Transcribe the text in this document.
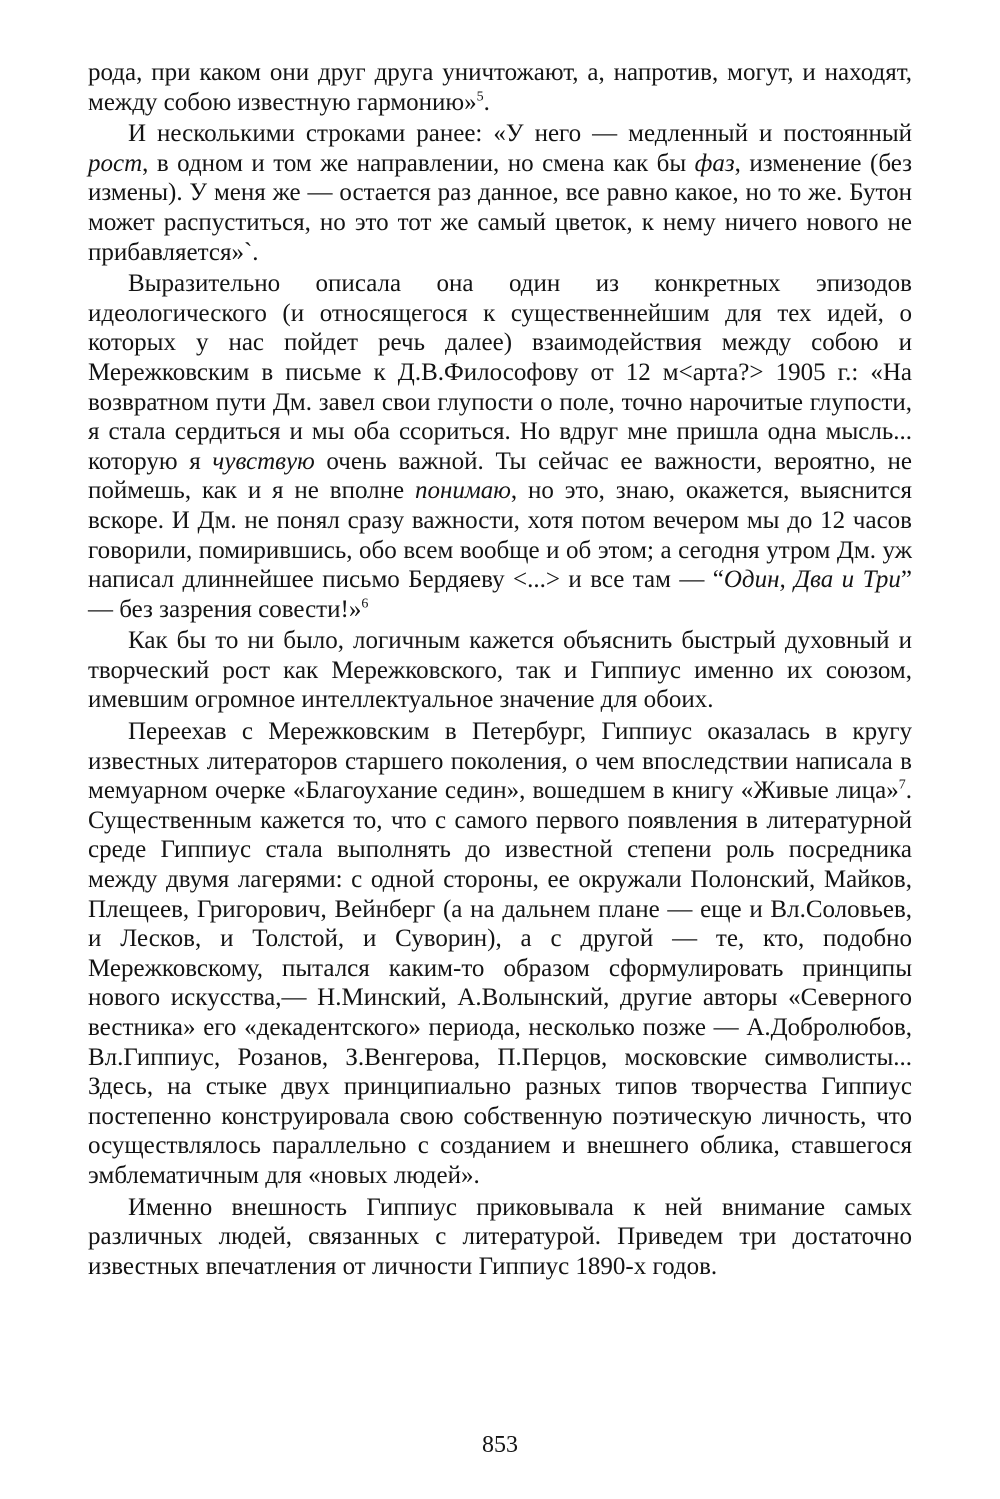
рода, при каком они друг друга уничтожают, а, напротив, могут, и находят, между собою известную гармонию»$^5$.

И несколькими строками ранее: «У него — медленный и постоянный рост, в одном и том же направлении, но смена как бы фаз, изменение (без измены). У меня же — остается раз данное, все равно какое, но то же. Бутон может распуститься, но это тот же самый цветок, к нему ничего нового не прибавляется»`.

Выразительно описала она один из конкретных эпизодов идеологического (и относящегося к существеннейшим для тех идей, о которых у нас пойдет речь далее) взаимодействия между собою и Мережковским в письме к Д.В.Философову от 12 м<арта?> 1905 г.: «На возвратном пути Дм. завел свои глупости о поле, точно нарочитые глупости, я стала сердиться и мы оба ссориться. Но вдруг мне пришла одна мысль... которую я чувствую очень важной. Ты сейчас ее важности, вероятно, не поймешь, как и я не вполне понимаю, но это, знаю, окажется, выяснится вскоре. И Дм. не понял сразу важности, хотя потом вечером мы до 12 часов говорили, помирившись, обо всем вообще и об этом; а сегодня утром Дм. уж написал длиннейшее письмо Бердяеву <...> и все там — “Один, Два и Три” — без зазрения совести!»$^6$

Как бы то ни было, логичным кажется объяснить быстрый духовный и творческий рост как Мережковского, так и Гиппиус именно их союзом, имевшим огромное интеллектуальное значение для обоих.

Переехав с Мережковским в Петербург, Гиппиус оказалась в кругу известных литераторов старшего поколения, о чем впоследствии написала в мемуарном очерке «Благоухание седин», вошедшем в книгу «Живые лица»$^7$. Существенным кажется то, что с самого первого появления в литературной среде Гиппиус стала выполнять до известной степени роль посредника между двумя лагерями: с одной стороны, ее окружали Полонский, Майков, Плещеев, Григорович, Вейнберг (а на дальнем плане — еще и Вл.Соловьев, и Лесков, и Толстой, и Суворин), а с другой — те, кто, подобно Мережковскому, пытался каким-то образом сформулировать принципы нового искусства,— Н.Минский, А.Волынский, другие авторы «Северного вестника» его «декадентского» периода, несколько позже — А.Добролюбов, Вл.Гиппиус, Розанов, З.Венгерова, П.Перцов, московские символисты... Здесь, на стыке двух принципиально разных типов творчества Гиппиус постепенно конструировала свою собственную поэтическую личность, что осуществлялось параллельно с созданием и внешнего облика, ставшегося эмблематичным для «новых людей».

Именно внешность Гиппиус приковывала к ней внимание самых различных людей, связанных с литературой. Приведем три достаточно известных впечатления от личности Гиппиус 1890-х годов.

853
